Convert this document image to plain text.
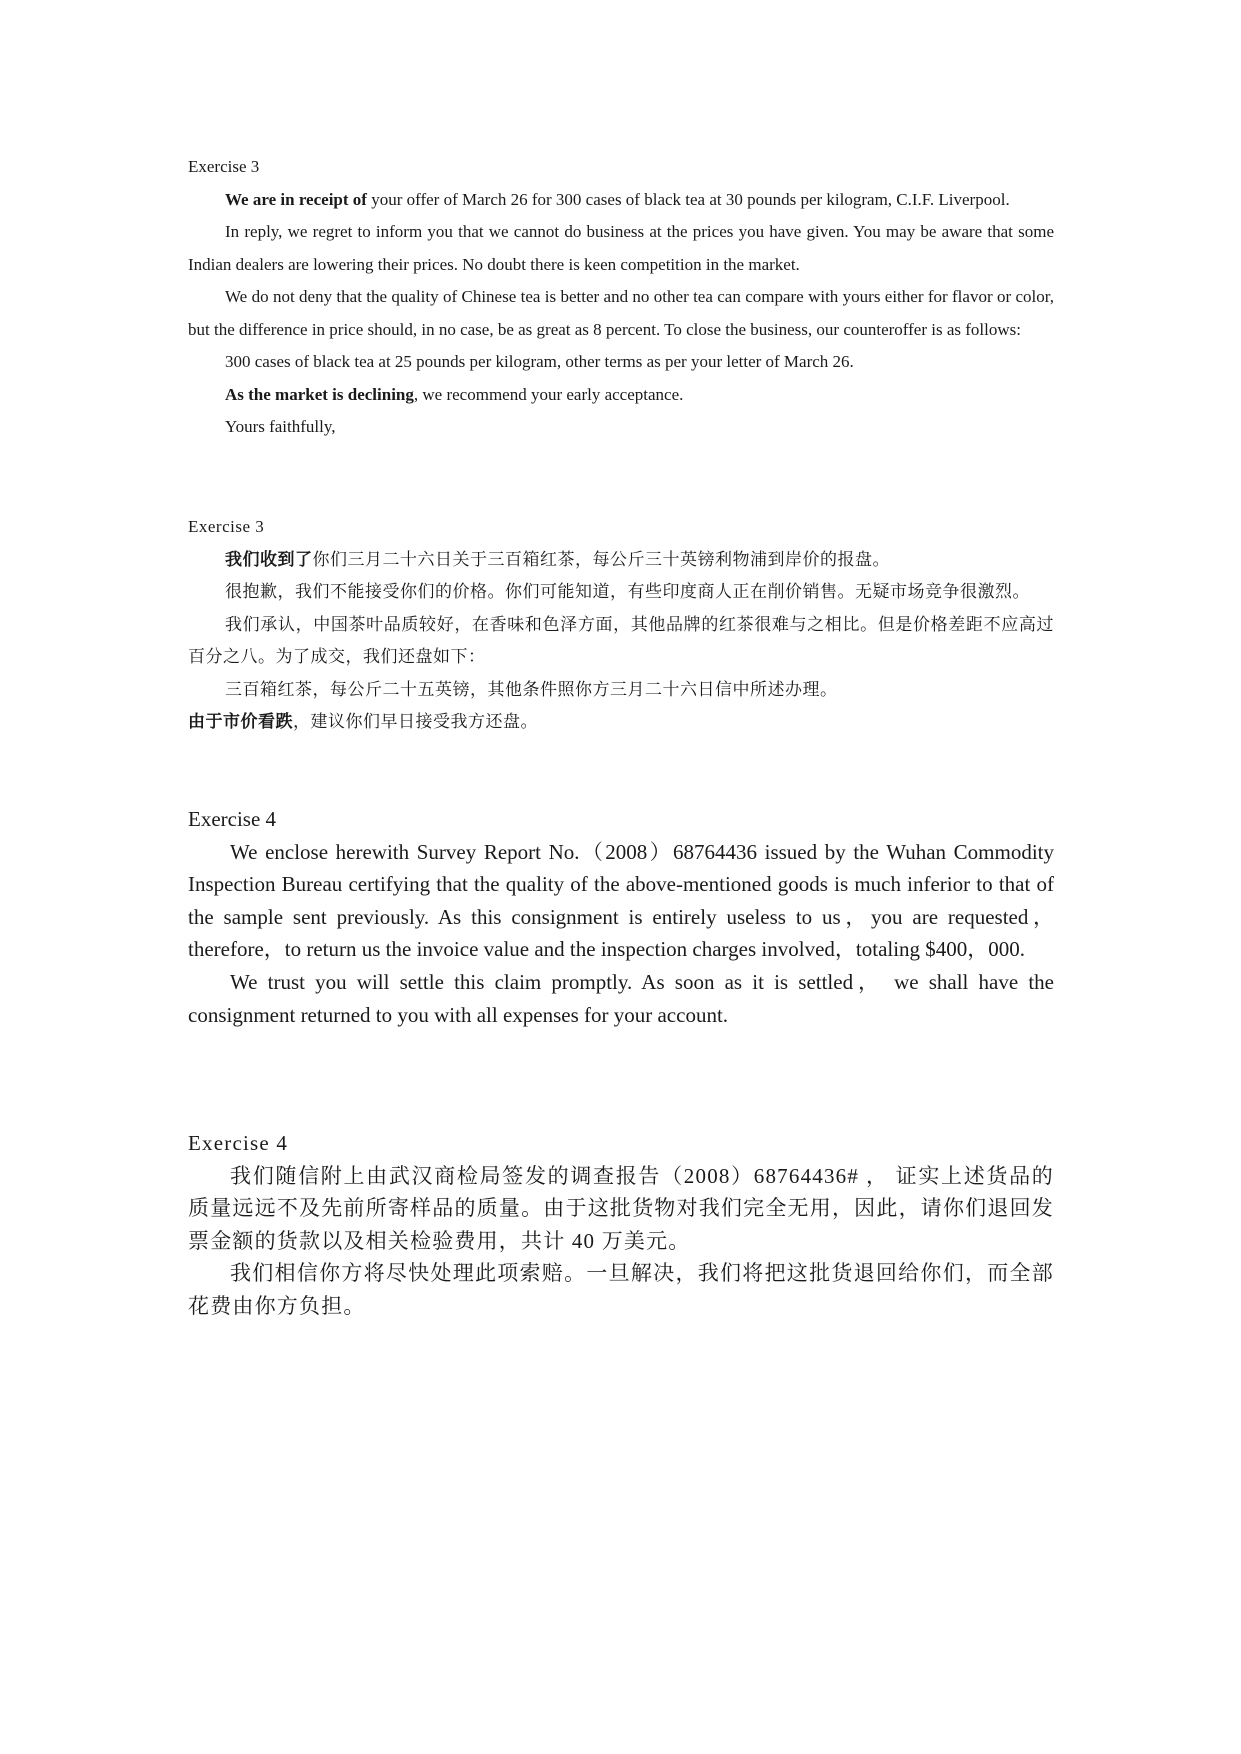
Exercise 3

We are in receipt of your offer of March 26 for 300 cases of black tea at 30 pounds per kilogram, C.I.F. Liverpool.

In reply, we regret to inform you that we cannot do business at the prices you have given. You may be aware that some Indian dealers are lowering their prices. No doubt there is keen competition in the market.

We do not deny that the quality of Chinese tea is better and no other tea can compare with yours either for flavor or color, but the difference in price should, in no case, be as great as 8 percent. To close the business, our counteroffer is as follows:

300 cases of black tea at 25 pounds per kilogram, other terms as per your letter of March 26.

As the market is declining, we recommend your early acceptance.

Yours faithfully,

Exercise 3

我们收到了你们三月二十六日关于三百箱红茶，每公斤三十英镑利物浦到岸价的报盘。

很抱歉，我们不能接受你们的价格。你们可能知道，有些印度商人正在削价销售。无疑市场竞争很激烈。

我们承认，中国茶叶品质较好，在香味和色泽方面，其他品牌的红茶很难与之相比。但是价格差距不应高过百分之八。为了成交，我们还盘如下：

三百箱红茶，每公斤二十五英镑，其他条件照你方三月二十六日信中所述办理。

由于市价看跌，建议你们早日接受我方还盘。

Exercise 4

We enclose herewith Survey Report No.（2008）68764436 issued by the Wuhan Commodity Inspection Bureau certifying that the quality of the above-mentioned goods is much inferior to that of the sample sent previously. As this consignment is entirely useless to us，you are requested，therefore，to return us the invoice value and the inspection charges involved，totaling $400，000.

We trust you will settle this claim promptly. As soon as it is settled， we shall have the consignment returned to you with all expenses for your account.

Exercise 4

我们随信附上由武汉商检局签发的调查报告（2008）68764436# ， 证实上述货品的质量远远不及先前所寄样品的质量。由于这批货物对我们完全无用，因此，请你们退回发票金额的货款以及相关检验费用，共计 40 万美元。

我们相信你方将尽快处理此项索赔。一旦解决，我们将把这批货退回给你们，而全部花费由你方负担。
